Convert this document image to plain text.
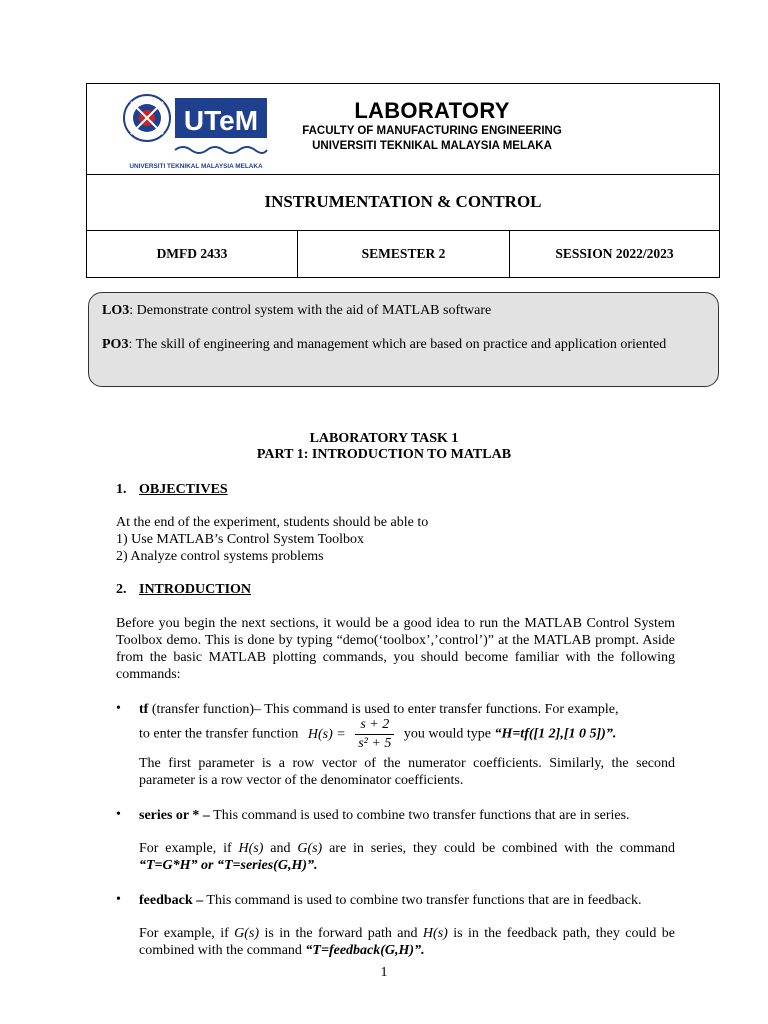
UTeM
UNIVERSITI TEKNIKAL MALAYSIA MELAKA
LABORATORY
FACULTY OF MANUFACTURING ENGINEERING
UNIVERSITI TEKNIKAL MALAYSIA MELAKA
INSTRUMENTATION & CONTROL
DMFD 2433	SEMESTER 2	SESSION 2022/2023
LO3: Demonstrate control system with the aid of MATLAB software
PO3: The skill of engineering and management which are based on practice and application oriented
LABORATORY TASK 1
PART 1: INTRODUCTION TO MATLAB
1. OBJECTIVES
At the end of the experiment, students should be able to
1) Use MATLAB’s Control System Toolbox
2) Analyze control systems problems
2. INTRODUCTION
Before you begin the next sections, it would be a good idea to run the MATLAB Control System Toolbox demo. This is done by typing “demo(‘toolbox’,’control’)” at the MATLAB prompt. Aside from the basic MATLAB plotting commands, you should become familiar with the following commands:
• tf (transfer function)– This command is used to enter transfer functions. For example,
to enter the transfer function $H(s) = \frac{s + 2}{\text{s² + 5}}$ you would type “H=tf([1 2],[1 0 5])”.
The first parameter is a row vector of the numerator coefficients. Similarly, the second parameter is a row vector of the denominator coefficients.
• series or * – This command is used to combine two transfer functions that are in series.
For example, if H(s) and G(s) are in series, they could be combined with the command “T=G*H” or “T=series(G,H)”.
• feedback – This command is used to combine two transfer functions that are in feedback.
For example, if G(s) is in the forward path and H(s) is in the feedback path, they could be combined with the command “T=feedback(G,H)”.
1
